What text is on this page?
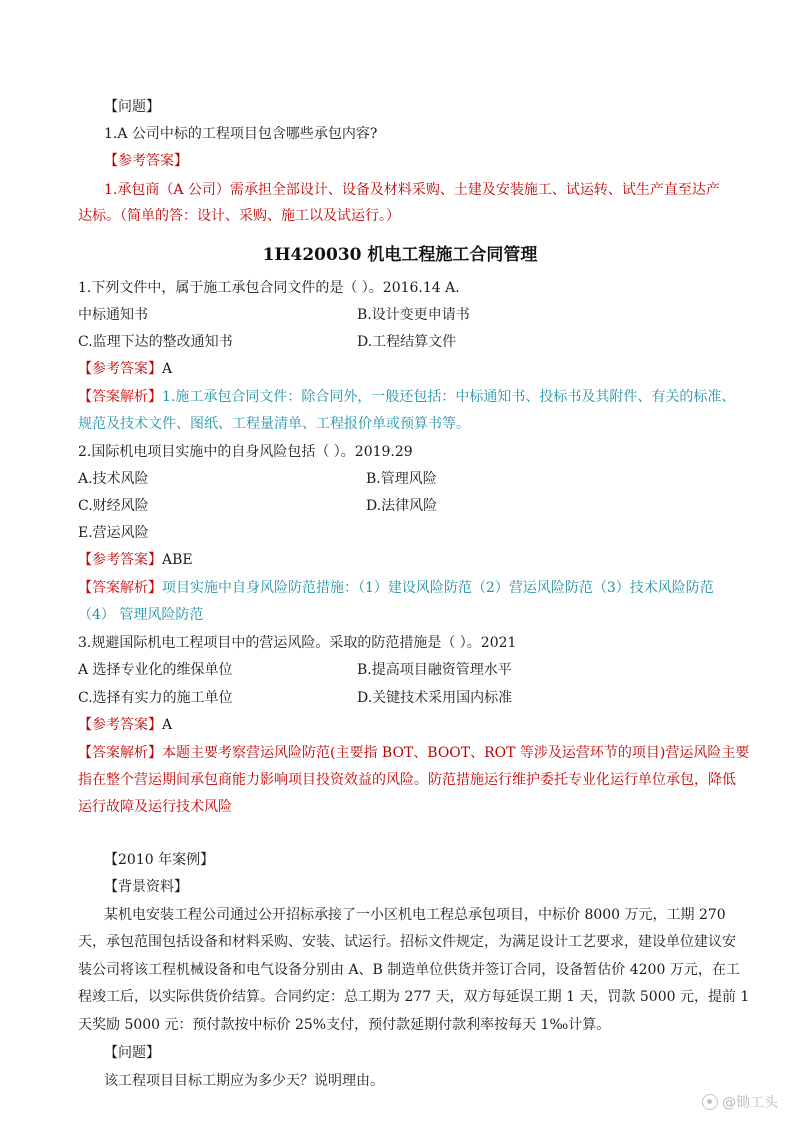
【问题】

1.A 公司中标的工程项目包含哪些承包内容?

【参考答案】

1.承包商（A 公司）需承担全部设计、设备及材料采购、土建及安装施工、试运转、试生产直至达产

达标。（简单的答：设计、采购、施工以及试运行。）

1H420030 机电工程施工合同管理

1.下列文件中，属于施工承包合同文件的是（ ）。2016.14 A.

中标通知书	B.设计变更申请书

C.监理下达的整改通知书	D.工程结算文件

【参考答案】A

【答案解析】1.施工承包合同文件：除合同外，一般还包括：中标通知书、投标书及其附件、有关的标准、

规范及技术文件、图纸、工程量清单、工程报价单或预算书等。

2.国际机电项目实施中的自身风险包括（ ）。2019.29

A.技术风险	B.管理风险

C.财经风险	D.法律风险

E.营运风险

【参考答案】ABE

【答案解析】项目实施中自身风险防范措施：（1）建设风险防范（2）营运风险防范（3）技术风险防范

（4） 管理风险防范

3.规避国际机电工程项目中的营运风险。采取的防范措施是（ ）。2021

A 选择专业化的维保单位	B.提高项目融资管理水平

C.选择有实力的施工单位	D.关键技术采用国内标准

【参考答案】A

【答案解析】本题主要考察营运风险防范(主要指 BOT、BOOT、ROT 等涉及运营环节的项目)营运风险主要

指在整个营运期间承包商能力影响项目投资效益的风险。防范措施运行维护委托专业化运行单位承包，降低

运行故障及运行技术风险

【2010 年案例】

【背景资料】

某机电安装工程公司通过公开招标承接了一小区机电工程总承包项目，中标价 8000 万元，工期 270

天，承包范围包括设备和材料采购、安装、试运行。招标文件规定，为满足设计工艺要求，建设单位建议安

装公司将该工程机械设备和电气设备分别由 A、B 制造单位供货并签订合同，设备暂估价 4200 万元，在工

程竣工后，以实际供货价结算。合同约定：总工期为 277 天，双方每延误工期 1 天，罚款 5000 元，提前 1

天奖励 5000 元：预付款按中标价 25%支付，预付款延期付款利率按每天 1‰计算。

【问题】

该工程项目目标工期应为多少天？说明理由。

@锄工头
